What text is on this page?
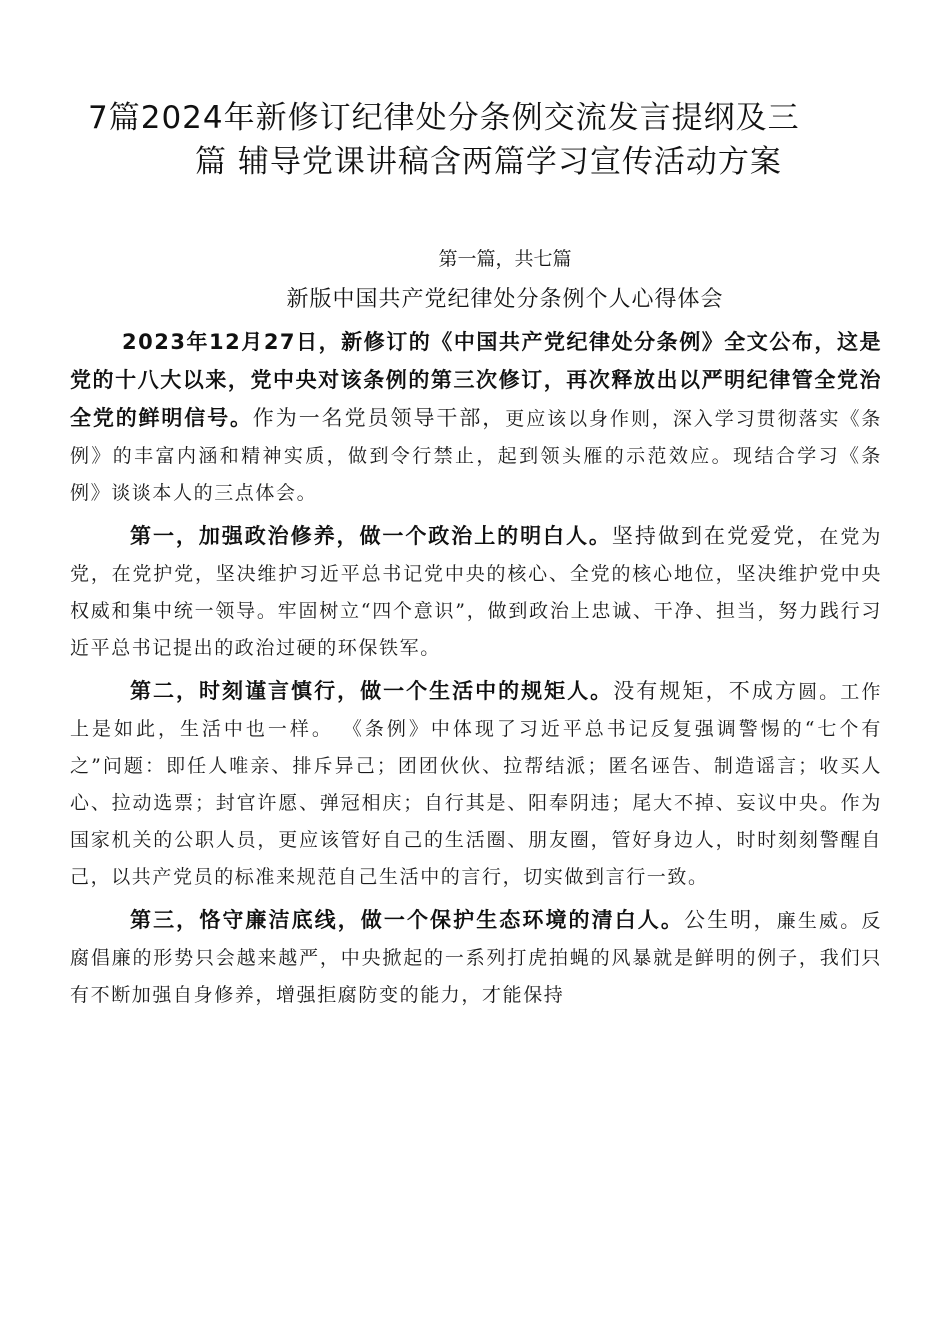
7篇2024年新修订纪律处分条例交流发言提纲及三
篇 辅导党课讲稿含两篇学习宣传活动方案
第一篇，共七篇
新版中国共产党纪律处分条例个人心得体会

2023年12月27日，新修订的《中国共产党纪律处分条例》全文公布，这是党的十八大以来，党中央对该条例的第三次修订，再次释放出以严明纪律管全党治全党的鲜明信号。作为一名党员领导干部，更应该以身作则，深入学习贯彻落实《条例》的丰富内涵和精神实质，做到令行禁止，起到领头雁的示范效应。现结合学习《条例》谈谈本人的三点体会。

第一，加强政治修养，做一个政治上的明白人。坚持做到在党爱党，在党为党，在党护党，坚决维护习近平总书记党中央的核心、全党的核心地位，坚决维护党中央权威和集中统一领导。牢固树立“四个意识”，做到政治上忠诚、干净、担当，努力践行习近平总书记提出的政治过硬的环保铁军。

第二，时刻谨言慎行，做一个生活中的规矩人。没有规矩，不成方圆。工作上是如此，生活中也一样。 《条例》中体现了习近平总书记反复强调警惕的“七个有之”问题：即任人唯亲、排斥异己；团团伙伙、拉帮结派；匿名诬告、制造谣言；收买人心、拉动选票；封官许愿、弹冠相庆；自行其是、阳奉阴违；尾大不掉、妄议中央。作为国家机关的公职人员，更应该管好自己的生活圈、朋友圈，管好身边人，时时刻刻警醒自己，以共产党员的标准来规范自己生活中的言行，切实做到言行一致。

第三，恪守廉洁底线，做一个保护生态环境的清白人。公生明，廉生威。反腐倡廉的形势只会越来越严，中央掀起的一系列打虎拍蝇的风暴就是鲜明的例子，我们只有不断加强自身修养，增强拒腐防变的能力，才能保持
